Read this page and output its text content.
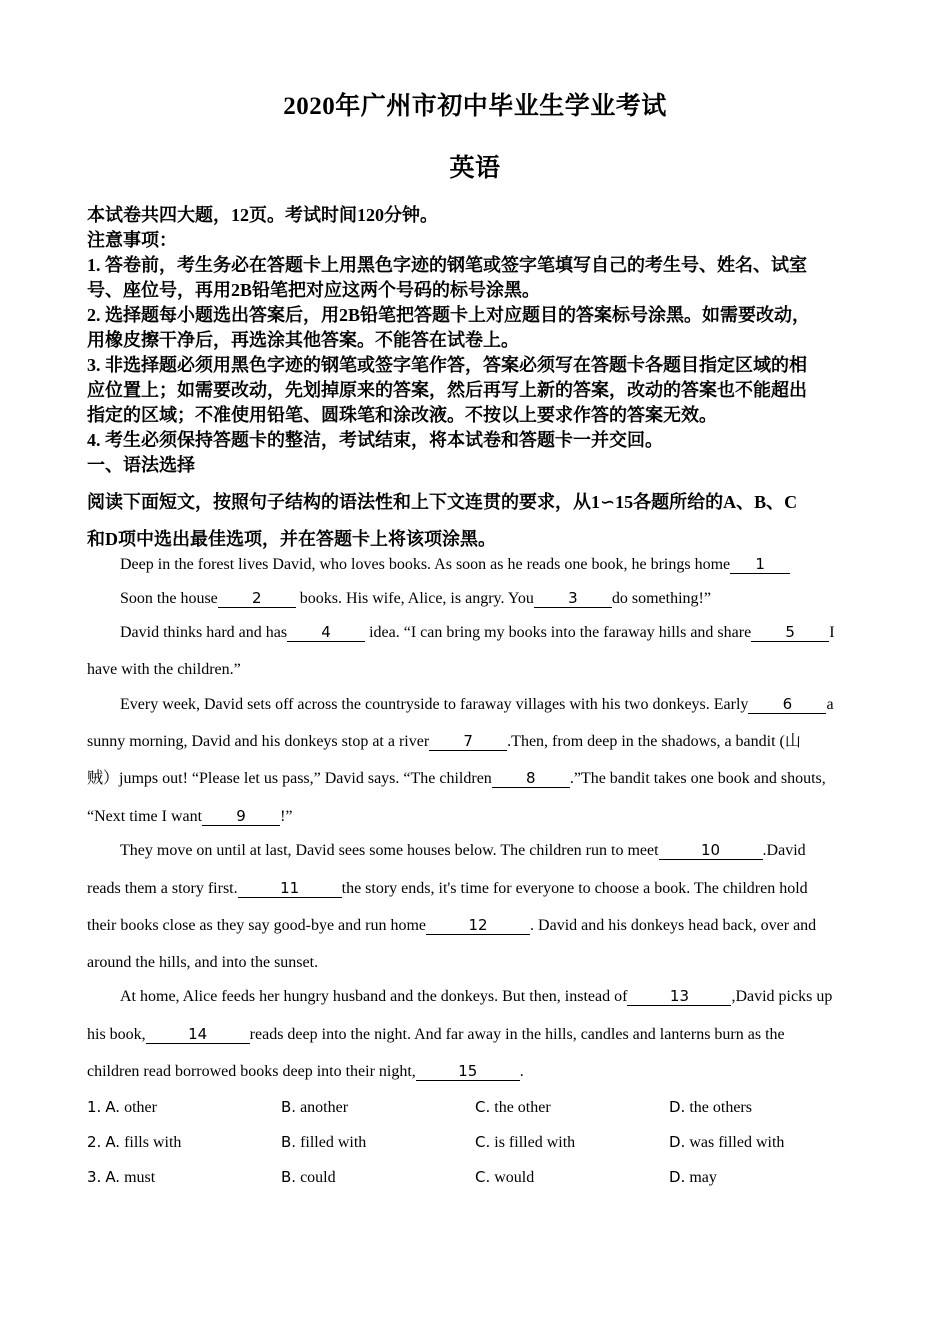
2020年广州市初中毕业生学业考试
英语
本试卷共四大题，12页。考试时间120分钟。
注意事项：
1. 答卷前，考生务必在答题卡上用黑色字迹的钢笔或签字笔填写自己的考生号、姓名、试室
号、座位号，再用2B铅笔把对应这两个号码的标号涂黑。
2. 选择题每小题选出答案后，用2B铅笔把答题卡上对应题目的答案标号涂黑。如需要改动，
用橡皮擦干净后，再选涂其他答案。不能答在试卷上。
3. 非选择题必须用黑色字迹的钢笔或签字笔作答，答案必须写在答题卡各题目指定区域的相
应位置上；如需要改动，先划掉原来的答案，然后再写上新的答案，改动的答案也不能超出
指定的区域；不准使用铅笔、圆珠笔和涂改液。不按以上要求作答的答案无效。
4. 考生必须保持答题卡的整洁，考试结束，将本试卷和答题卡一并交回。
一、语法选择
阅读下面短文，按照句子结构的语法性和上下文连贯的要求，从1∽15各题所给的A、B、C
和D项中选出最佳选项，并在答题卡上将该项涂黑。
Deep in the forest lives David, who loves books. As soon as he reads one book, he brings home 1
Soon the house 2 books. His wife, Alice, is angry. You 3 do something!”
David thinks hard and has 4 idea. “I can bring my books into the faraway hills and share 5 I
have with the children.”
Every week, David sets off across the countryside to faraway villages with his two donkeys. Early 6 a
sunny morning, David and his donkeys stop at a river 7 .Then, from deep in the shadows, a bandit (山
贼）jumps out! “Please let us pass,” David says. “The children 8 .”The bandit takes one book and shouts,
“Next time I want 9 !”
They move on until at last, David sees some houses below. The children run to meet	10	.David
reads them a story first.	11	the story ends, it's time for everyone to choose a book. The children hold
their books close as they say good-bye and run home	12	. David and his donkeys head back, over and
around the hills, and into the sunset.
At home, Alice feeds her hungry husband and the donkeys. But then, instead of	13	,David picks up
his book,	14	reads deep into the night. And far away in the hills, candles and lanterns burn as the
children read borrowed books deep into their night,	15	.
1. A. other	B. another	C. the other	D. the others
2. A. fills with	B. filled with	C. is filled with	D. was filled with
3. A. must	B. could	C. would	D. may
